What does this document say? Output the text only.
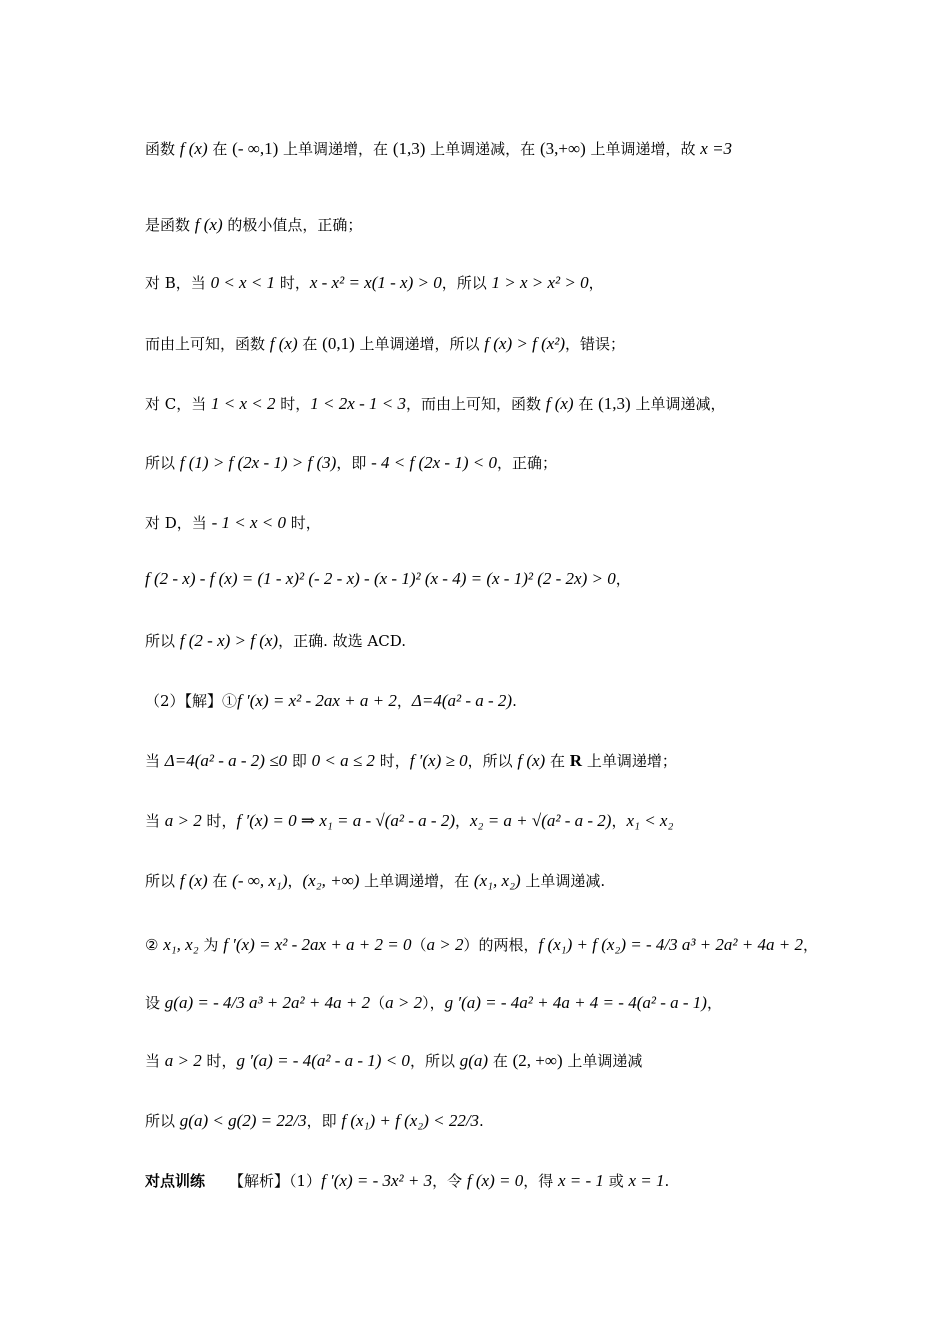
函数 f (x) 在 (- ∞,1) 上单调递增，在 (1,3) 上单调递减，在 (3,+∞) 上单调递增，故 x =3
是函数 f (x) 的极小值点，正确；
对 B，当 0 < x < 1 时，x - x² = x(1 - x) > 0，所以 1 > x > x² > 0，
而由上可知，函数 f (x) 在 (0,1) 上单调递增，所以 f (x) > f (x²)，错误；
对 C，当 1 < x < 2 时，1 < 2x - 1 < 3，而由上可知，函数 f (x) 在 (1,3) 上单调递减，
所以 f (1) > f (2x - 1) > f (3)，即 - 4 < f (2x - 1) < 0，正确；
对 D，当 - 1 < x < 0 时，
f (2 - x) - f (x) = (1 - x)² (- 2 - x) - (x - 1)² (x - 4) = (x - 1)² (2 - 2x) > 0，
所以 f (2 - x) > f (x)，正确. 故选 ACD.
（2）【解】①f ′(x) = x² - 2ax + a + 2，Δ=4(a² - a - 2).
当 Δ=4(a² - a - 2) ≤0 即 0 < a ≤ 2 时，f ′(x) ≥ 0，所以 f (x) 在 R 上单调递增；
当 a > 2 时，f ′(x) = 0 ⇒ x₁ = a - √(a² - a - 2)，x₂ = a + √(a² - a - 2)，x₁ < x₂
所以 f (x) 在 (- ∞, x₁)，(x₂, +∞) 上单调递增，在 (x₁, x₂) 上单调递减.
② x₁, x₂ 为 f ′(x) = x² - 2ax + a + 2 = 0（a > 2）的两根，f (x₁) + f (x₂) = - 4/3 a³ + 2a² + 4a + 2，
设 g(a) = - 4/3 a³ + 2a² + 4a + 2（a > 2），g ′(a) = - 4a² + 4a + 4 = - 4(a² - a - 1)，
当 a > 2 时，g ′(a) = - 4(a² - a - 1) < 0，所以 g(a) 在 (2, +∞) 上单调递减
所以 g(a) < g(2) = 22/3，即 f (x₁) + f (x₂) < 22/3.
对点训练 【解析】（1）f ′(x) = - 3x² + 3，令 f (x) = 0，得 x = - 1 或 x = 1.
